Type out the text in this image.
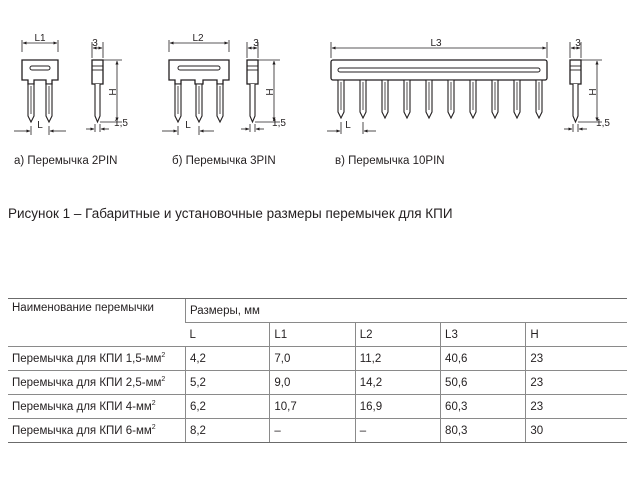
L1
L
3
H
1,5
L2
L
3
H
1,5
L3
L
3
H
1,5
а) Перемычка 2PIN	б) Перемычка 3PIN	в) Перемычка 10PIN
Рисунок 1 – Габаритные и установочные размеры перемычек для КПИ
Наименование перемычки	Размеры, мм				
	L	L1	L2	L3	H
Перемычка для КПИ $1,5-мм^2$	4,2	7,0	11,2	40,6	23
Перемычка для КПИ $2,5-мм^2$	5,2	9,0	14,2	50,6	23
Перемычка для КПИ $4-мм^2$	6,2	10,7	16,9	60,3	23
Перемычка для КПИ $6-мм^2$	8,2	–	–	80,3	30
